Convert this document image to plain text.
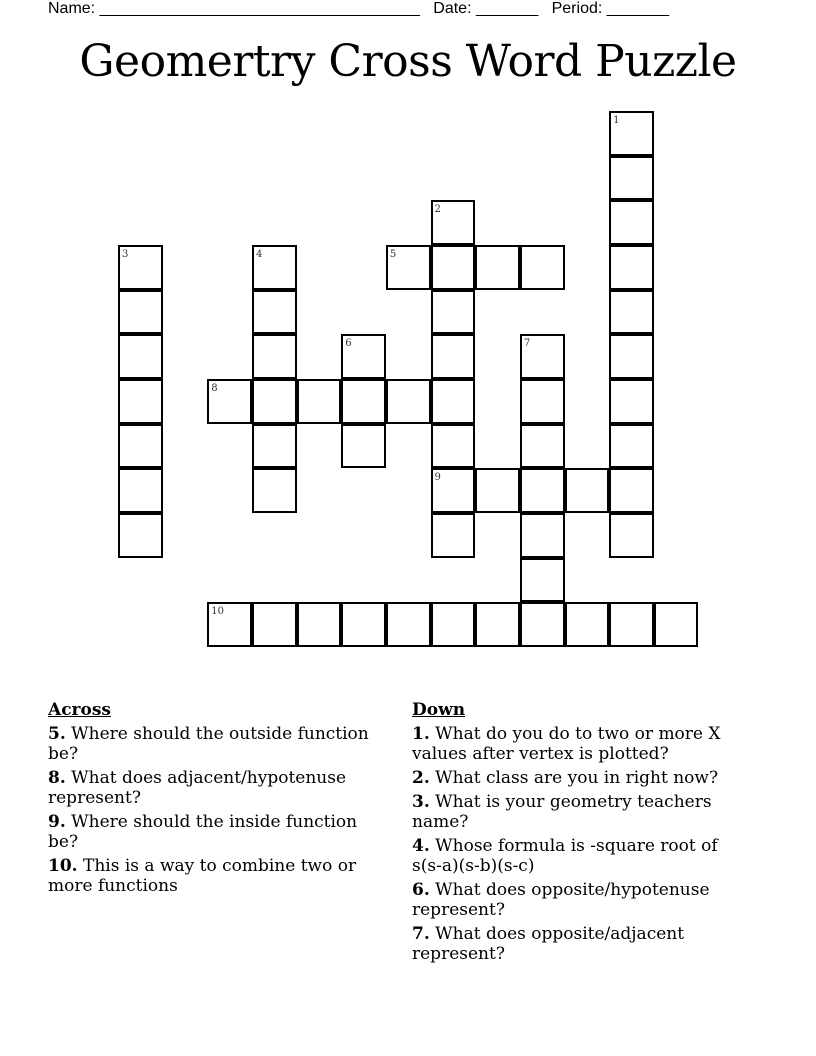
Name: ____________________________________ Date: _______ Period: _______
Geomertry Cross Word Puzzle
1
2
9
3	4	5
6	7
8
10
Across
5. Where should the outside function be?
8. What does adjacent/hypotenuse represent?
9. Where should the inside function be?
10. This is a way to combine two or more functions
Down
1. What do you do to two or more X values after vertex is plotted?
2. What class are you in right now?
3. What is your geometry teachers name?
4. Whose formula is -square root of s(s-a)(s-b)(s-c)
6. What does opposite/hypotenuse represent?
7. What does opposite/adjacent represent?
